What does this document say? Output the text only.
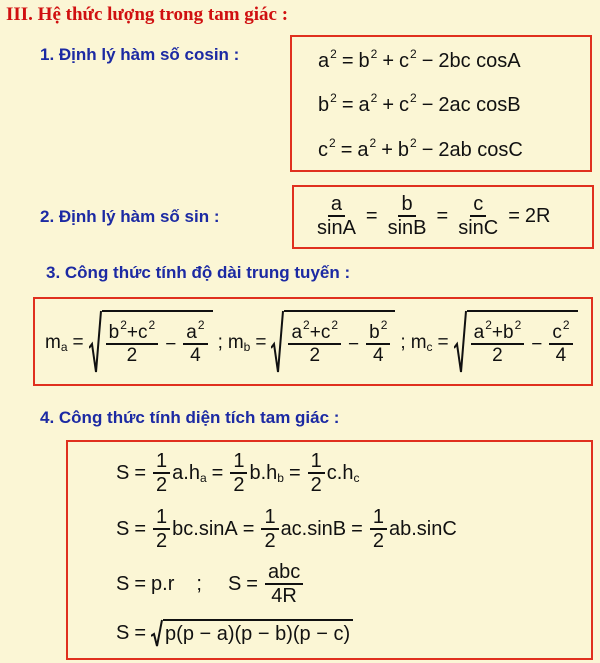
III. Hệ thức lượng trong tam giác :
1. Định lý hàm số cosin :	$a^2 = b^2 + c^2 - 2bc$ cosA
$b^2 = a^2 + c^2 - 2ac$ cosB
$c^2 = a^2 + b^2 - 2ab$ cosC
2. Định lý hàm số sin :	$\frac{a}{\sin A} = \frac{b}{\sin B} = \frac{c}{\sin C} = 2R$
3. Công thức tính độ dài trung tuyến :
$m_a = \frac{b^2+c^2}{2} - \frac{a^2}{4}$ ; $m_b = \frac{a^2+c^2}{2} - \frac{b^2}{4}$ ; $m_c = \frac{a^2+b^2}{2} - \frac{c^2}{4}$
4. Công thức tính diện tích tam giác :
$S = \frac{1}{2} a.h_a = \frac{1}{2} b.h_b = \frac{1}{2} c.h_c$
$S = \frac{1}{2} bc.\sin A = \frac{1}{2} ac.\sin B = \frac{1}{2} ab.\sin C$
S = p.r ; $S = \frac{\text{abc}}{4R}$
S = p(p − a)(p − b)(p − c)
